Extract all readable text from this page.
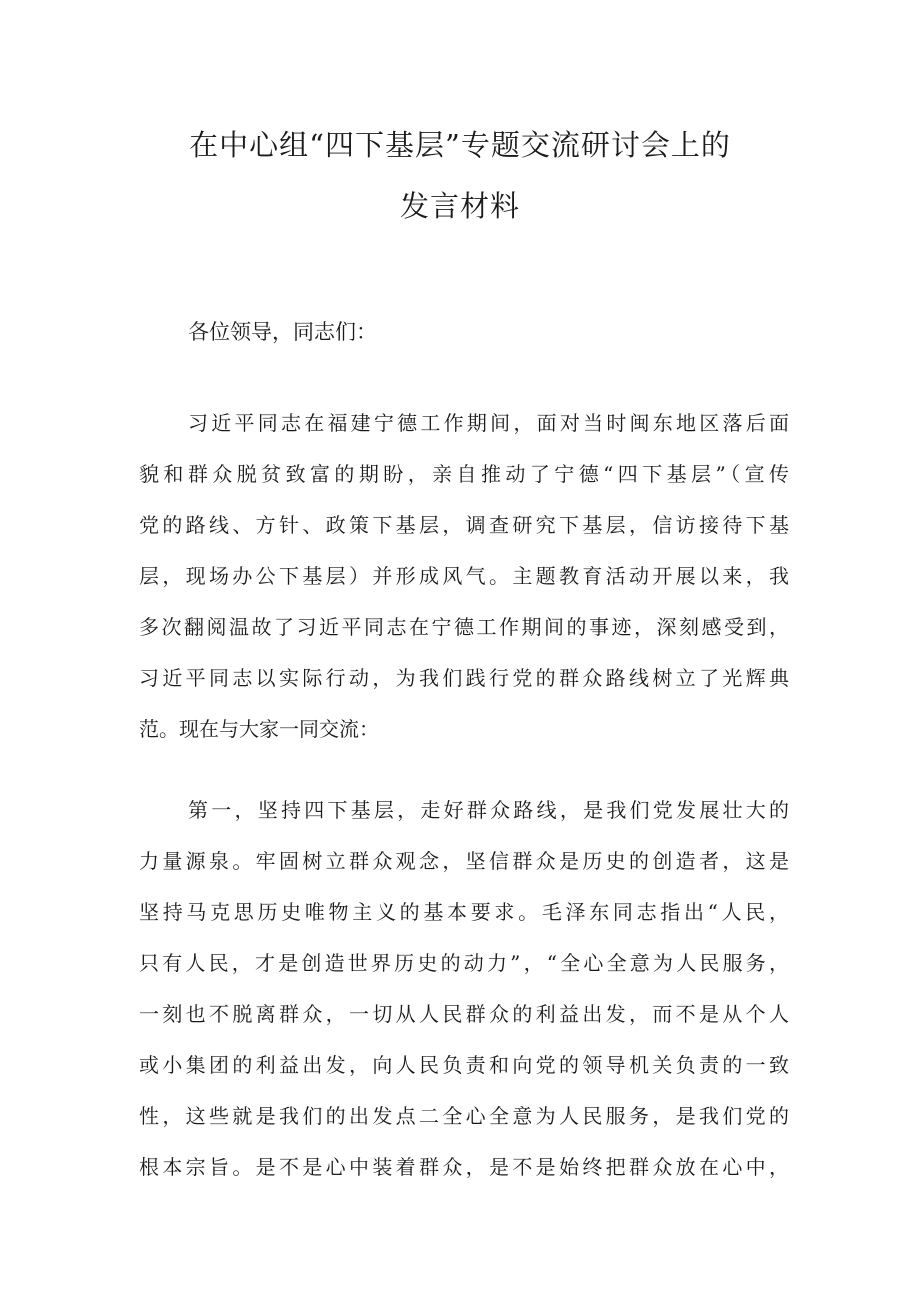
在中心组“四下基层”专题交流研讨会上的
发言材料
各位领导，同志们：
习近平同志在福建宁德工作期间，面对当时闽东地区落后面
貌和群众脱贫致富的期盼，亲自推动了宁德“四下基层”（宣传
党的路线、方针、政策下基层，调查研究下基层，信访接待下基
层，现场办公下基层）并形成风气。主题教育活动开展以来，我
多次翻阅温故了习近平同志在宁德工作期间的事迹，深刻感受到，
习近平同志以实际行动，为我们践行党的群众路线树立了光辉典
范。现在与大家一同交流：
第一，坚持四下基层，走好群众路线，是我们党发展壮大的
力量源泉。牢固树立群众观念，坚信群众是历史的创造者，这是
坚持马克思历史唯物主义的基本要求。毛泽东同志指出“人民，
只有人民，才是创造世界历史的动力”，“全心全意为人民服务，
一刻也不脱离群众，一切从人民群众的利益出发，而不是从个人
或小集团的利益出发，向人民负责和向党的领导机关负责的一致
性，这些就是我们的出发点二全心全意为人民服务，是我们党的
根本宗旨。是不是心中装着群众，是不是始终把群众放在心中，
